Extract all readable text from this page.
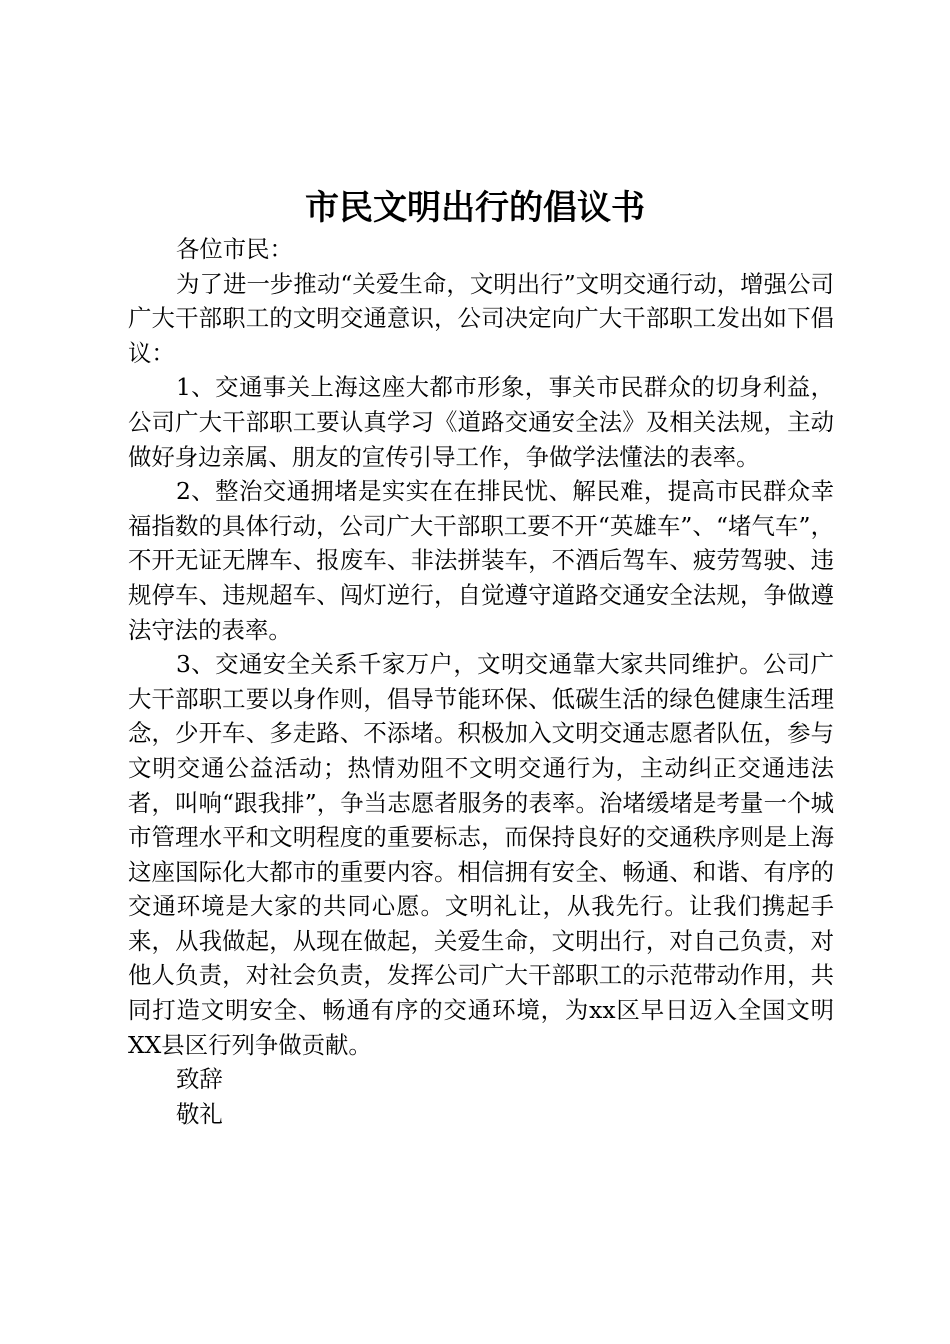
市民文明出行的倡议书

各位市民：

为了进一步推动“关爱生命，文明出行”文明交通行动，增强公司广大干部职工的文明交通意识，公司决定向广大干部职工发出如下倡议：

1、交通事关上海这座大都市形象，事关市民群众的切身利益，公司广大干部职工要认真学习《道路交通安全法》及相关法规，主动做好身边亲属、朋友的宣传引导工作，争做学法懂法的表率。

2、整治交通拥堵是实实在在排民忧、解民难，提高市民群众幸福指数的具体行动，公司广大干部职工要不开“英雄车”、“堵气车”，不开无证无牌车、报废车、非法拼装车，不酒后驾车、疲劳驾驶、违规停车、违规超车、闯灯逆行，自觉遵守道路交通安全法规，争做遵法守法的表率。

3、交通安全关系千家万户，文明交通靠大家共同维护。公司广大干部职工要以身作则，倡导节能环保、低碳生活的绿色健康生活理念，少开车、多走路、不添堵。积极加入文明交通志愿者队伍，参与文明交通公益活动；热情劝阻不文明交通行为，主动纠正交通违法者，叫响“跟我排”，争当志愿者服务的表率。治堵缓堵是考量一个城市管理水平和文明程度的重要标志，而保持良好的交通秩序则是上海这座国际化大都市的重要内容。相信拥有安全、畅通、和谐、有序的交通环境是大家的共同心愿。文明礼让，从我先行。让我们携起手来，从我做起，从现在做起，关爱生命，文明出行，对自己负责，对他人负责，对社会负责，发挥公司广大干部职工的示范带动作用，共同打造文明安全、畅通有序的交通环境，为xx区早日迈入全国文明XX县区行列争做贡献。

致辞

敬礼
